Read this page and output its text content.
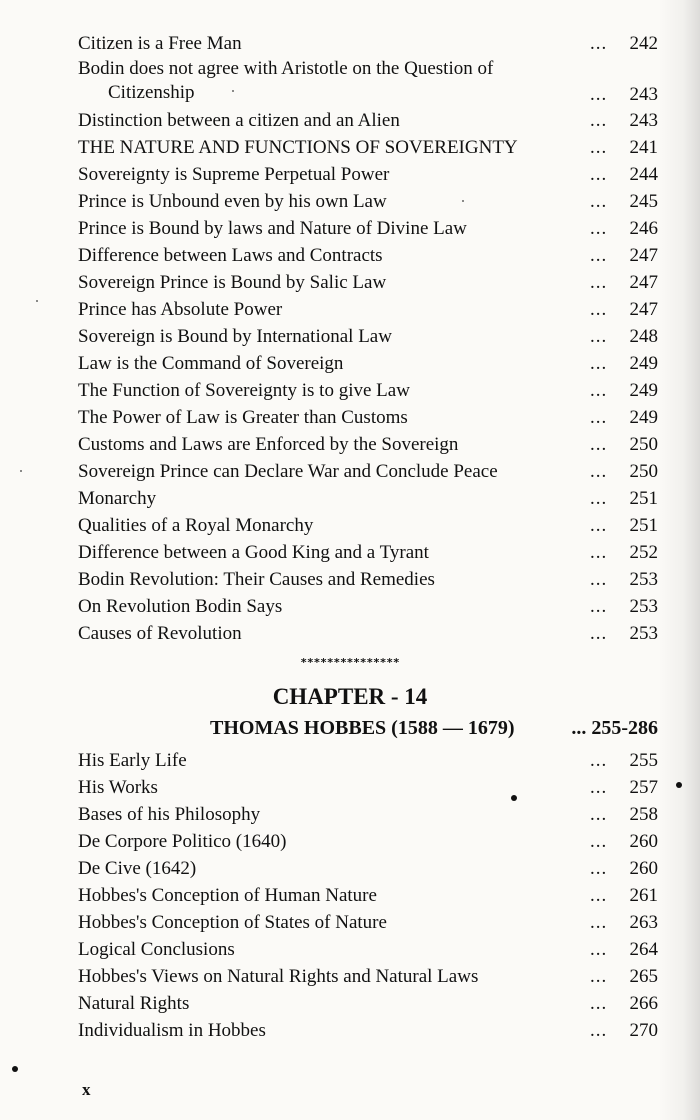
Citizen is a Free Man	... 242
Bodin does not agree with Aristotle on the Question of
Citizenship	... 243
Distinction between a citizen and an Alien	... 243
THE NATURE AND FUNCTIONS OF SOVEREIGNTY	... 241
Sovereignty is Supreme Perpetual Power	... 244
Prince is Unbound even by his own Law	... 245
Prince is Bound by laws and Nature of Divine Law	... 246
Difference between Laws and Contracts	... 247
Sovereign Prince is Bound by Salic Law	... 247
Prince has Absolute Power	... 247
Sovereign is Bound by International Law	... 248
Law is the Command of Sovereign	... 249
The Function of Sovereignty is to give Law	... 249
The Power of Law is Greater than Customs	... 249
Customs and Laws are Enforced by the Sovereign	... 250
Sovereign Prince can Declare War and Conclude Peace	... 250
Monarchy	... 251
Qualities of a Royal Monarchy	... 251
Difference between a Good King and a Tyrant	... 252
Bodin Revolution: Their Causes and Remedies	... 253
On Revolution Bodin Says	... 253
Causes of Revolution	... 253
***************
CHAPTER - 14
THOMAS HOBBES (1588 — 1679)	... 255-286
His Early Life	... 255
His Works	... 257
Bases of his Philosophy	... 258
De Corpore Politico (1640)	... 260
De Cive (1642)	... 260
Hobbes's Conception of Human Nature	... 261
Hobbes's Conception of States of Nature	... 263
Logical Conclusions	... 264
Hobbes's Views on Natural Rights and Natural Laws	... 265
Natural Rights	... 266
Individualism in Hobbes	... 270
x
